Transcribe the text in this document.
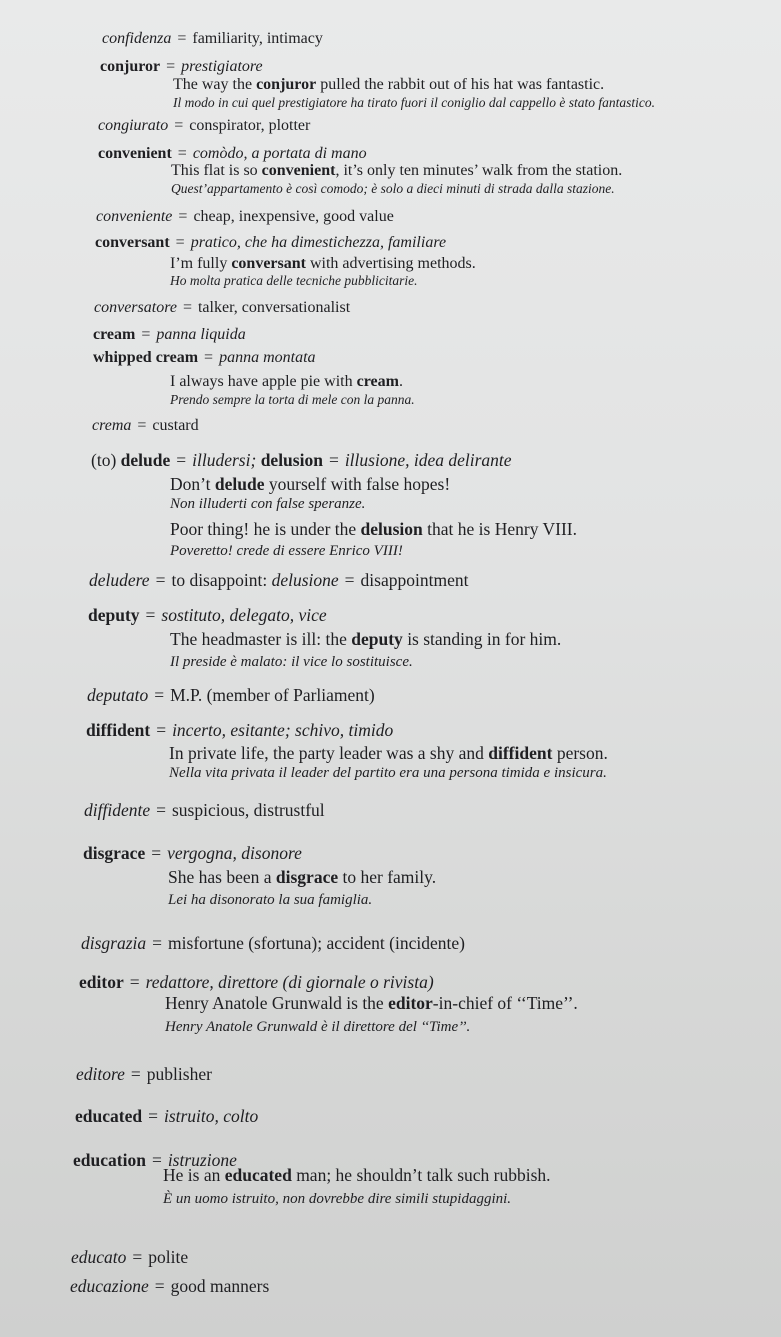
confidenza = familiarity, intimacy
conjuror = prestigiatore
The way the conjuror pulled the rabbit out of his hat was fantastic.
Il modo in cui quel prestigiatore ha tirato fuori il coniglio dal cappello è stato fantastico.
congiurato = conspirator, plotter
convenient = comòdo, a portata di mano
This flat is so convenient, it’s only ten minutes’ walk from the station.
Quest’appartamento è così comodo; è solo a dieci minuti di strada dalla stazione.
conveniente = cheap, inexpensive, good value
conversant = pratico, che ha dimestichezza, familiare
I’m fully conversant with advertising methods.
Ho molta pratica delle tecniche pubblicitarie.
conversatore = talker, conversationalist
cream = panna liquida
whipped cream = panna montata
I always have apple pie with cream.
Prendo sempre la torta di mele con la panna.
crema = custard
(to) delude = illudersi; delusion = illusione, idea delirante
Don’t delude yourself with false hopes!
Non illuderti con false speranze.
Poor thing! he is under the delusion that he is Henry VIII.
Poveretto! crede di essere Enrico VIII!
deludere = to disappoint: delusione = disappointment
deputy = sostituto, delegato, vice
The headmaster is ill: the deputy is standing in for him.
Il preside è malato: il vice lo sostituisce.
deputato = M.P. (member of Parliament)
diffident = incerto, esitante; schivo, timido
In private life, the party leader was a shy and diffident person.
Nella vita privata il leader del partito era una persona timida e insicura.
diffidente = suspicious, distrustful
disgrace = vergogna, disonore
She has been a disgrace to her family.
Lei ha disonorato la sua famiglia.
disgrazia = misfortune (sfortuna); accident (incidente)
editor = redattore, direttore (di giornale o rivista)
Henry Anatole Grunwald is the editor-in-chief of ‘‘Time’’.
Henry Anatole Grunwald è il direttore del ‘‘Time’’.
editore = publisher
educated = istruito, colto
education = istruzione
He is an educated man; he shouldn’t talk such rubbish.
È un uomo istruito, non dovrebbe dire simili stupidaggini.
educato = polite
educazione = good manners
